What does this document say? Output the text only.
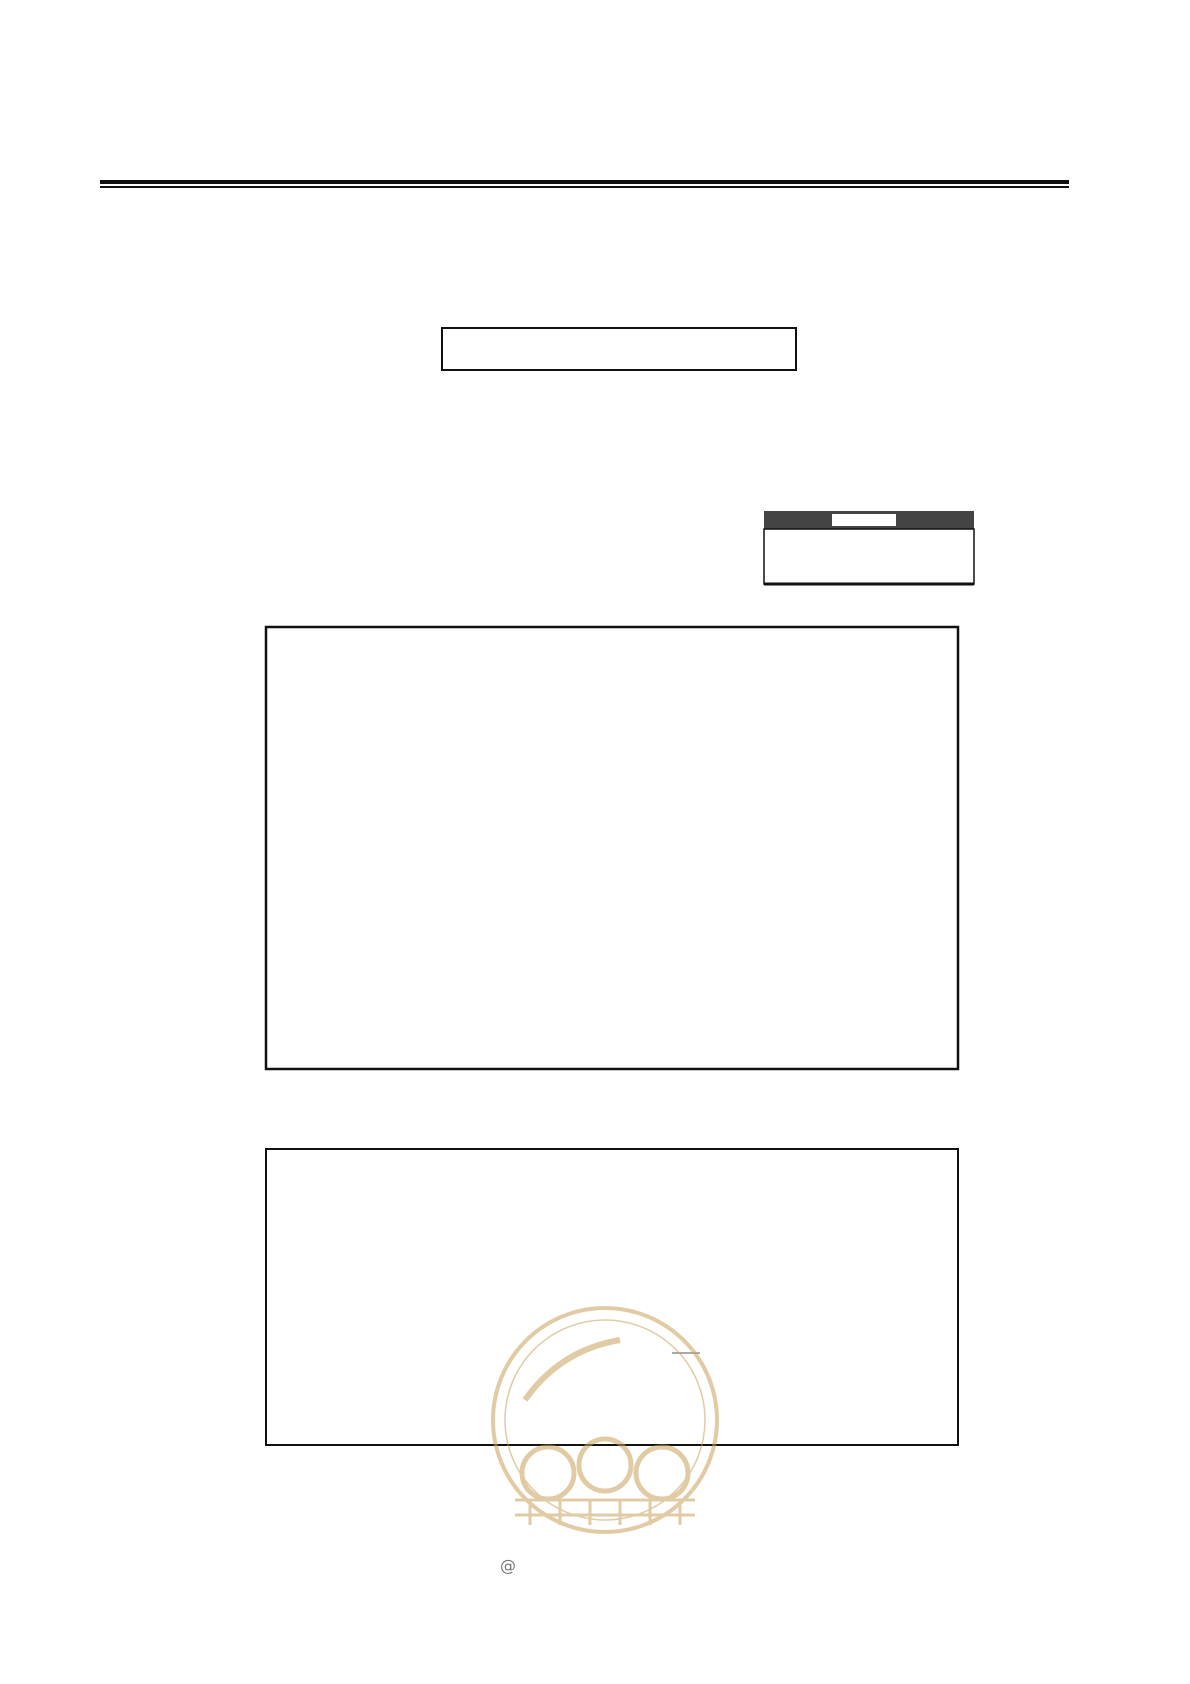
@
